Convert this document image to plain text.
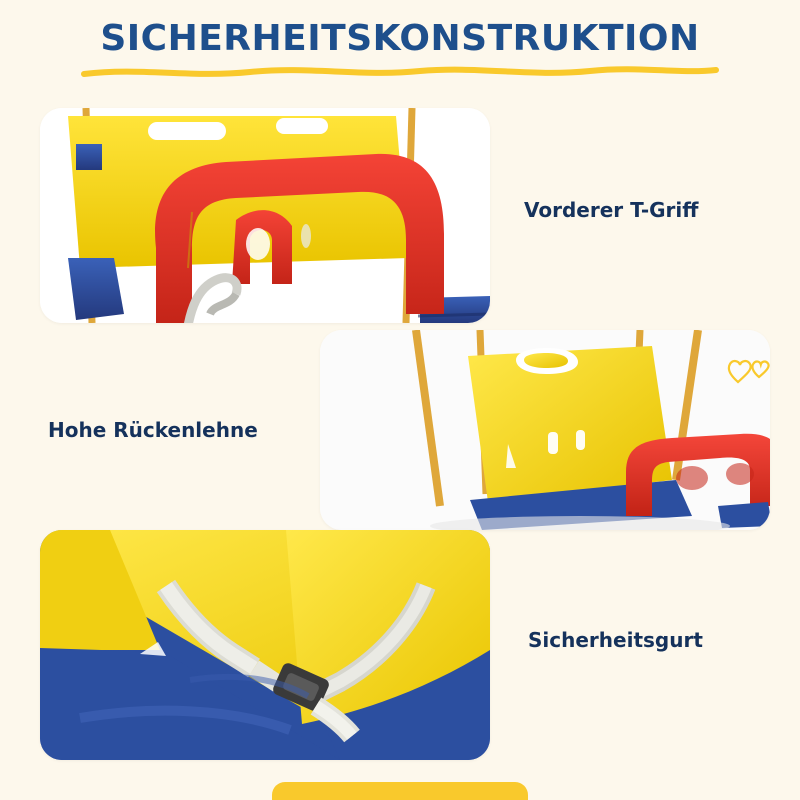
SICHERHEITSKONSTRUKTION
Vorderer T-Griff
Hohe Rückenlehne
Sicherheitsgurt
